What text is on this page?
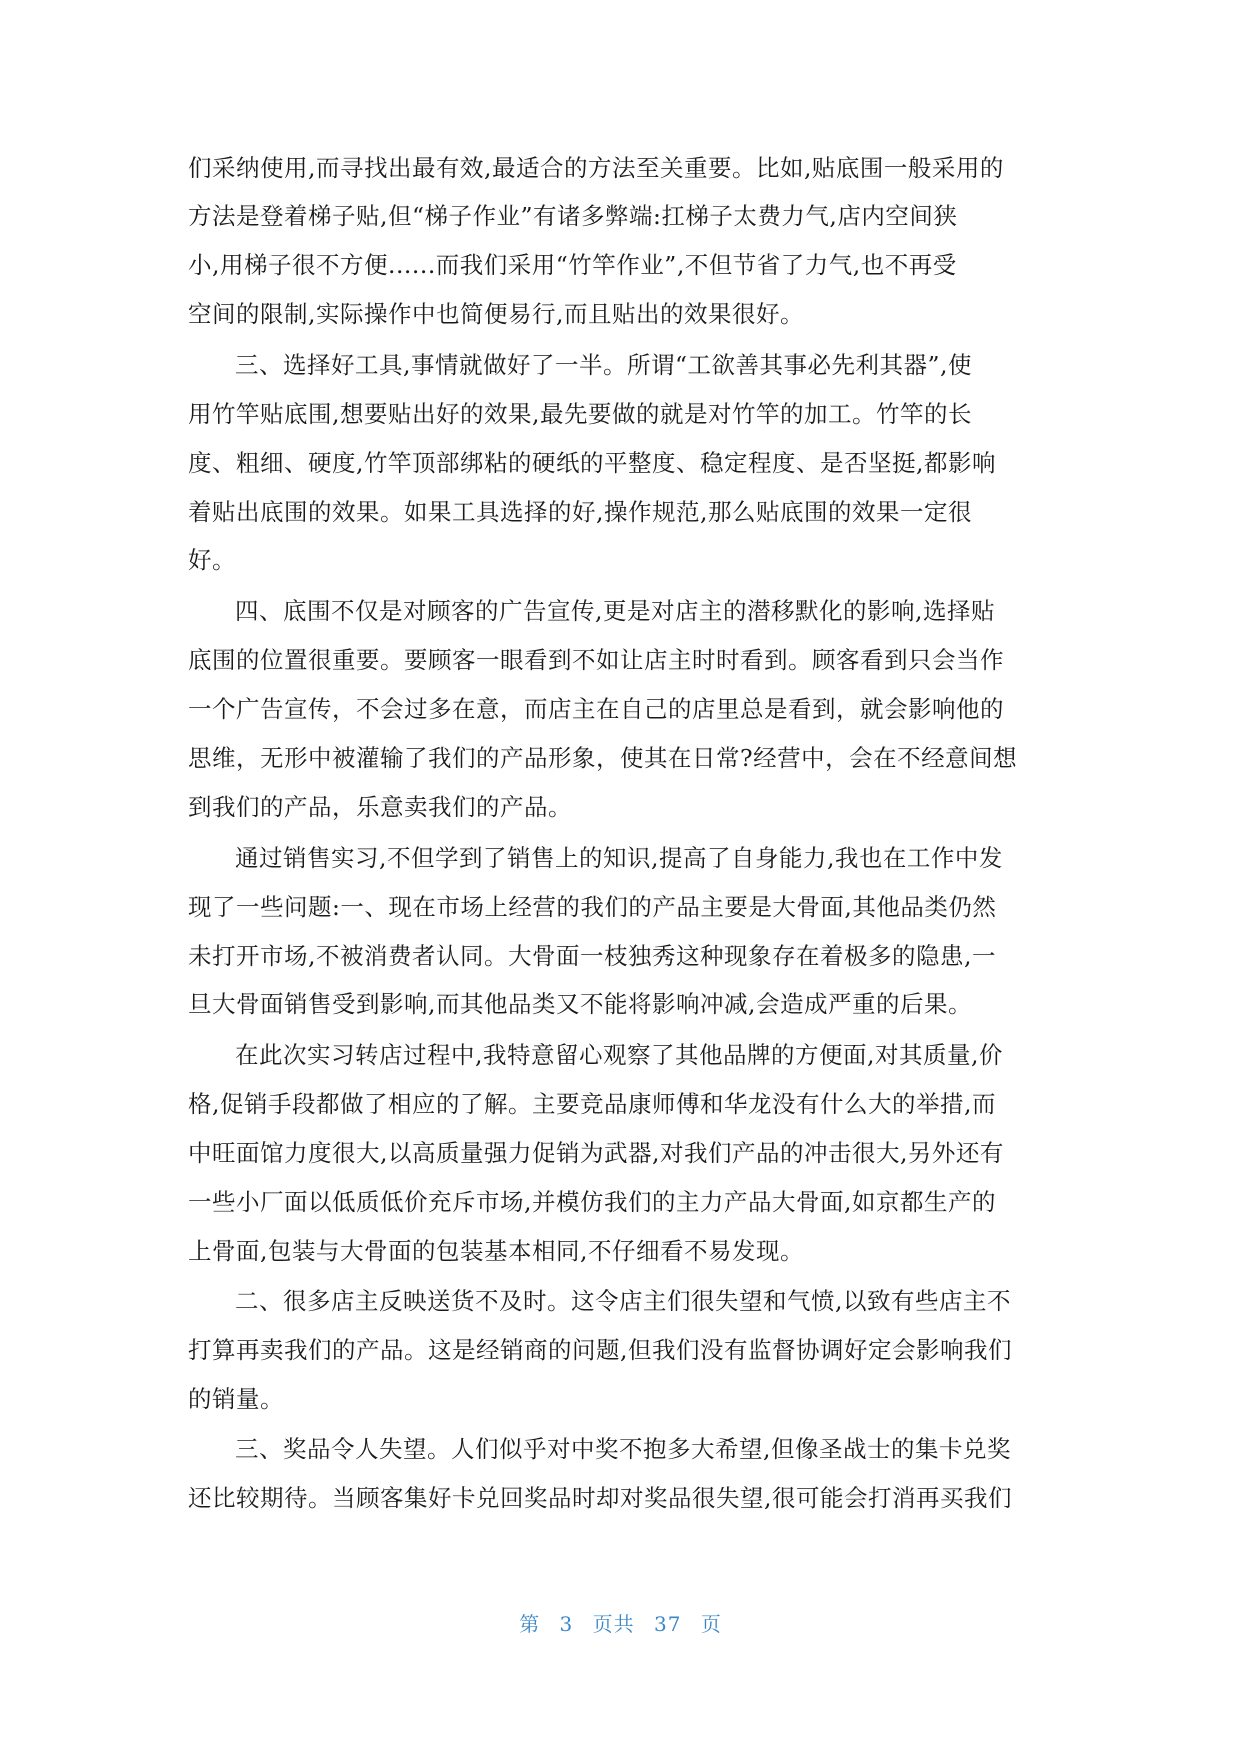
们采纳使用,而寻找出最有效,最适合的方法至关重要。比如,贴底围一般采用的
方法是登着梯子贴,但“梯子作业”有诸多弊端:扛梯子太费力气,店内空间狭
小,用梯子很不方便......而我们采用“竹竿作业”,不但节省了力气,也不再受
空间的限制,实际操作中也简便易行,而且贴出的效果很好。
三、选择好工具,事情就做好了一半。所谓“工欲善其事必先利其器”,使
用竹竿贴底围,想要贴出好的效果,最先要做的就是对竹竿的加工。竹竿的长
度、粗细、硬度,竹竿顶部绑粘的硬纸的平整度、稳定程度、是否坚挺,都影响
着贴出底围的效果。如果工具选择的好,操作规范,那么贴底围的效果一定很
好。
四、底围不仅是对顾客的广告宣传,更是对店主的潜移默化的影响,选择贴
底围的位置很重要。要顾客一眼看到不如让店主时时看到。顾客看到只会当作
一个广告宣传，不会过多在意，而店主在自己的店里总是看到，就会影响他的
思维，无形中被灌输了我们的产品形象，使其在日常?经营中，会在不经意间想
到我们的产品，乐意卖我们的产品。
通过销售实习,不但学到了销售上的知识,提高了自身能力,我也在工作中发
现了一些问题:一、现在市场上经营的我们的产品主要是大骨面,其他品类仍然
未打开市场,不被消费者认同。大骨面一枝独秀这种现象存在着极多的隐患,一
旦大骨面销售受到影响,而其他品类又不能将影响冲减,会造成严重的后果。
在此次实习转店过程中,我特意留心观察了其他品牌的方便面,对其质量,价
格,促销手段都做了相应的了解。主要竞品康师傅和华龙没有什么大的举措,而
中旺面馆力度很大,以高质量强力促销为武器,对我们产品的冲击很大,另外还有
一些小厂面以低质低价充斥市场,并模仿我们的主力产品大骨面,如京都生产的
上骨面,包装与大骨面的包装基本相同,不仔细看不易发现。
二、很多店主反映送货不及时。这令店主们很失望和气愤,以致有些店主不
打算再卖我们的产品。这是经销商的问题,但我们没有监督协调好定会影响我们
的销量。
三、奖品令人失望。人们似乎对中奖不抱多大希望,但像圣战士的集卡兑奖
还比较期待。当顾客集好卡兑回奖品时却对奖品很失望,很可能会打消再买我们
第 3 页共 37 页
